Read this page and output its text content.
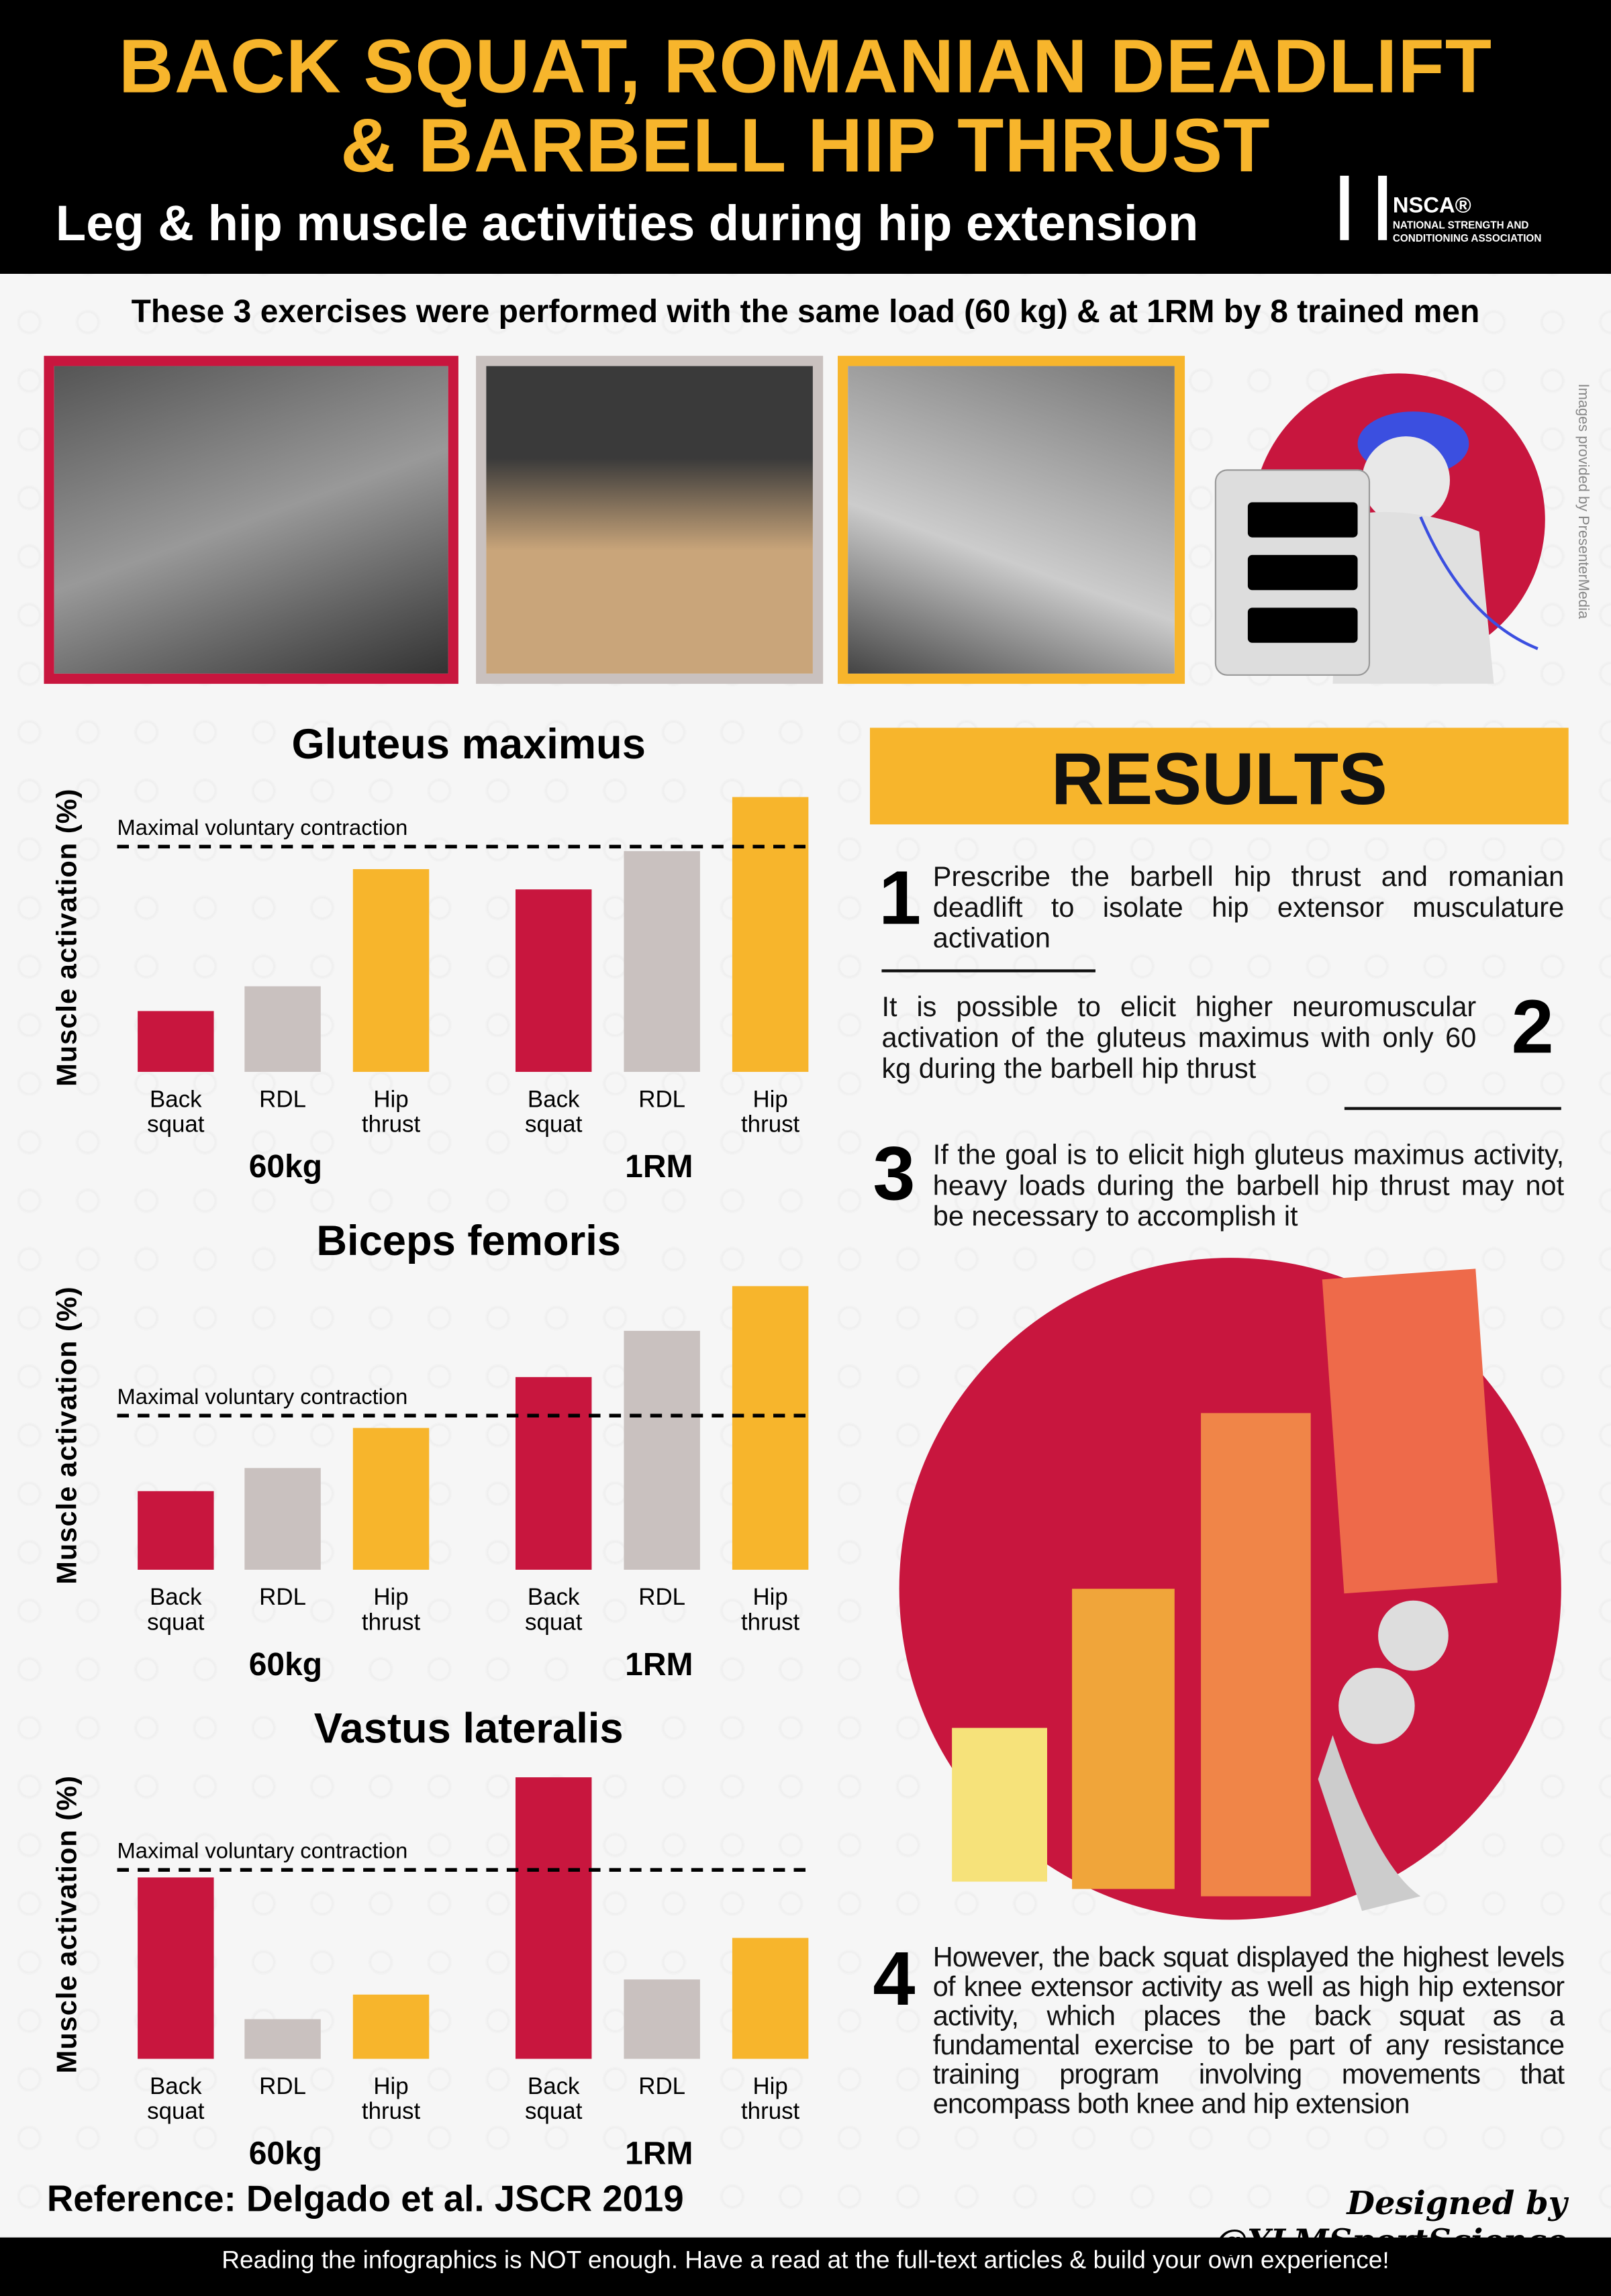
BACK SQUAT, ROMANIAN DEADLIFT
& BARBELL HIP THRUST
Leg & hip muscle activities during hip extension	NSCA®
NATIONAL STRENGTH AND
CONDITIONING ASSOCIATION
These 3 exercises were performed with the same load (60 kg) & at 1RM by 8 trained men
Images provided by PresenterMedia
Gluteus maximus
Muscle activation (%)
Back
squat
RDL	Hip
thrust
Back
squat
RDL	Hip
thrust
Maximal voluntary contraction
60kg	1RM
Biceps femoris
Muscle activation (%)
Back
squat
RDL	Hip
thrust
Back
squat
RDL	Hip
thrust
Maximal voluntary contraction
60kg	1RM
Vastus lateralis
Muscle activation (%)
Back
squat
RDL	Hip
thrust
Back
squat
RDL	Hip
thrust
Maximal voluntary contraction
60kg	1RM
RESULTS
1 Prescribe the barbell hip thrust and romanian deadlift to isolate hip extensor musculature activation
It is possible to elicit higher neuromuscular activation of the gluteus maximus with only 60 kg during the barbell hip thrust	2
3 If the goal is to elicit high gluteus maximus activity, heavy loads during the barbell hip thrust may not be necessary to accomplish it
4 However, the back squat displayed the highest levels of knee extensor activity as well as high hip extensor activity, which places the back squat as a fundamental exercise to be part of any resistance training program involving movements that encompass both knee and hip extension
Reference: Delgado et al. JSCR 2019	Designed by @YLMSportScience
Reading the infographics is NOT enough. Have a read at the full-text articles & build your own experience!
